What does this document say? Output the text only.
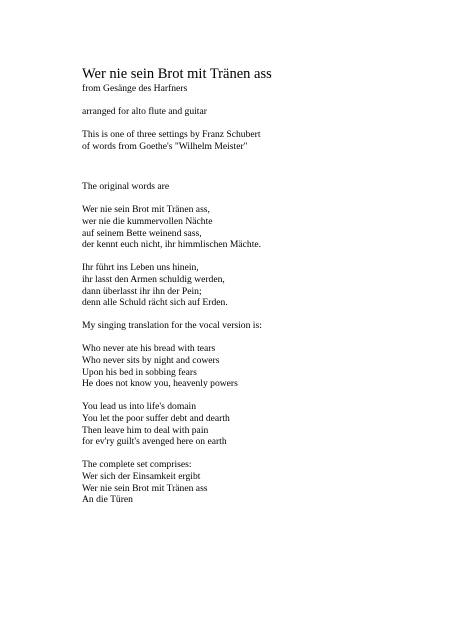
Wer nie sein Brot mit Tränen ass

from Gesänge des Harfners

arranged for alto flute and guitar

This is one of three settings by Franz Schubert

of words from Goethe's "Wilhelm Meister"

The original words are

Wer nie sein Brot mit Tränen ass,

wer nie die kummervollen Nächte

auf seinem Bette weinend sass,

der kennt euch nicht, ihr himmlischen Mächte.

Ihr führt ins Leben uns hinein,

ihr lasst den Armen schuldig werden,

dann überlasst ihr ihn der Pein;

denn alle Schuld rächt sich auf Erden.

My singing translation for the vocal version is:

Who never ate his bread with tears

Who never sits by night and cowers

Upon his bed in sobbing fears

He does not know you, heavenly powers

You lead us into life's domain

You let the poor suffer debt and dearth

Then leave him to deal with pain

for ev'ry guilt's avenged here on earth

The complete set comprises:

Wer sich der Einsamkeit ergibt

Wer nie sein Brot mit Tränen ass

An die Türen
